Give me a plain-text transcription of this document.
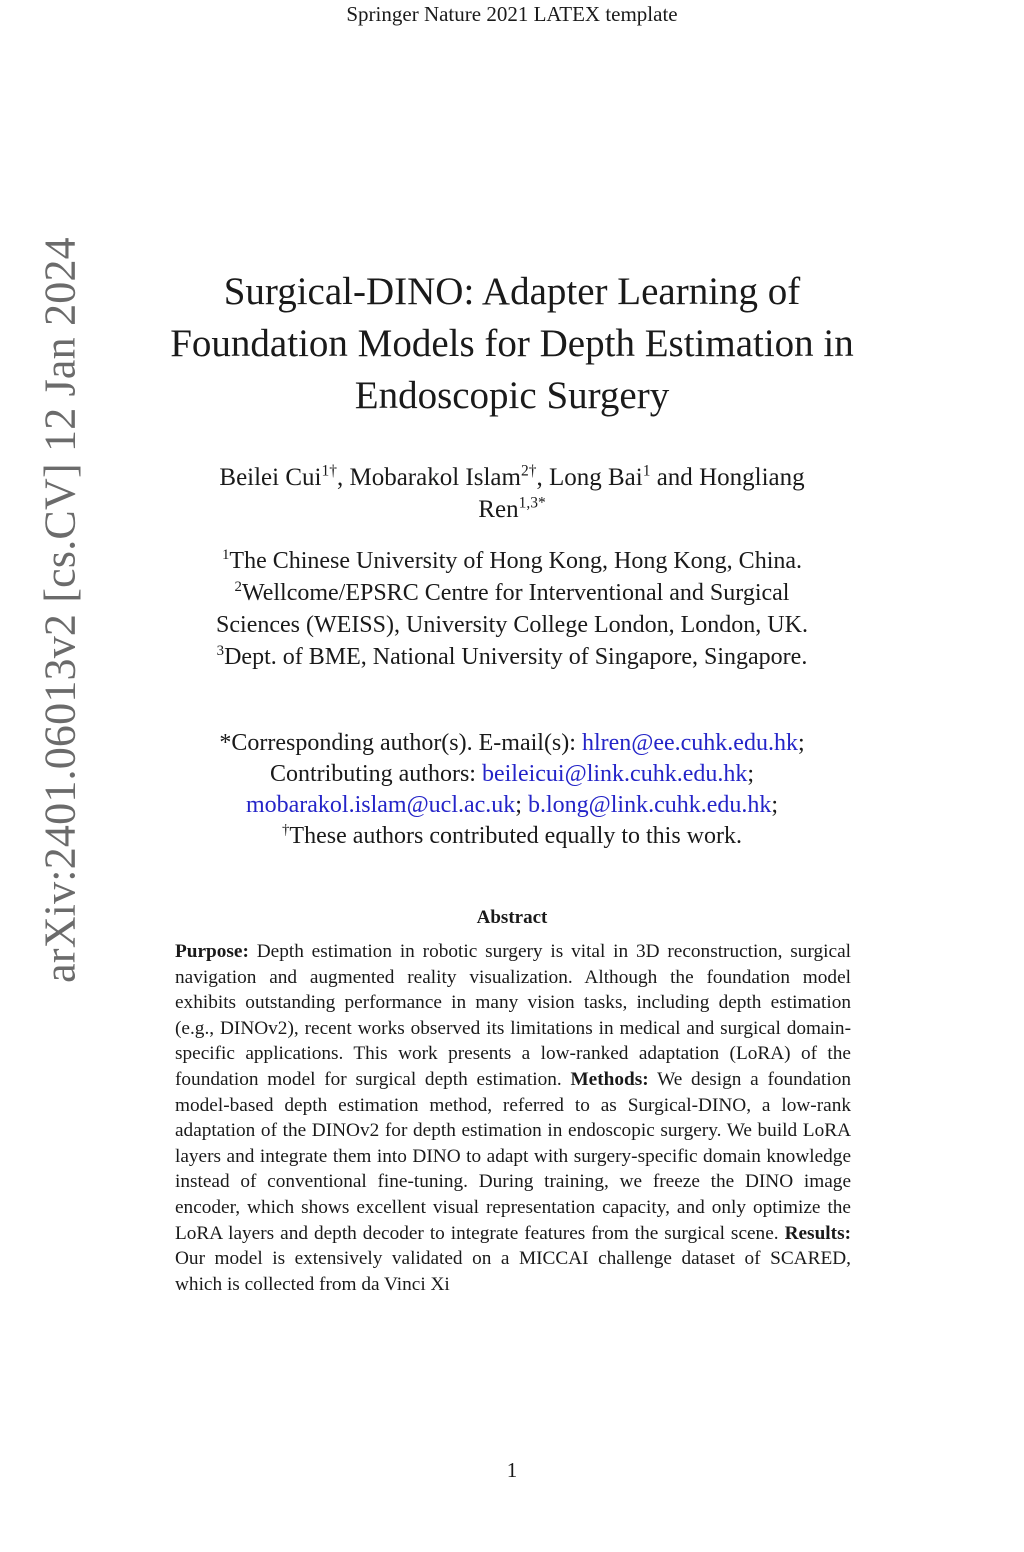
Springer Nature 2021 LATEX template
arXiv:2401.06013v2 [cs.CV] 12 Jan 2024	Surgical-DINO: Adapter Learning of
Foundation Models for Depth Estimation in
Endoscopic Surgery
Beilei Cui$^{1\dagger}$, Mobarakol Islam$^{2\dagger}$, Long Bai$^1$ and Hongliang
Ren$^{1,3*}$
$^1$The Chinese University of Hong Kong, Hong Kong, China.
$^2$Wellcome/EPSRC Centre for Interventional and Surgical
Sciences (WEISS), University College London, London, UK.
$^3$Dept. of BME, National University of Singapore, Singapore.
*Corresponding author(s). E-mail(s): hlren@ee.cuhk.edu.hk;
Contributing authors: beileicui@link.cuhk.edu.hk;
mobarakol.islam@ucl.ac.uk; b.long@link.cuhk.edu.hk;
†These authors contributed equally to this work.
Abstract
Purpose: Depth estimation in robotic surgery is vital in 3D reconstruction, surgical navigation and augmented reality visualization. Although the foundation model exhibits outstanding performance in many vision tasks, including depth estimation (e.g., DINOv2), recent works observed its limitations in medical and surgical domain-specific applications. This work presents a low-ranked adaptation (LoRA) of the foundation model for surgical depth estimation. Methods: We design a foundation model-based depth estimation method, referred to as Surgical-DINO, a low-rank adaptation of the DINOv2 for depth estimation in endoscopic surgery. We build LoRA layers and integrate them into DINO to adapt with surgery-specific domain knowledge instead of conventional fine-tuning. During training, we freeze the DINO image encoder, which shows excellent visual representation capacity, and only optimize the LoRA layers and depth decoder to integrate features from the surgical scene. Results: Our model is extensively validated on a MICCAI challenge dataset of SCARED, which is collected from da Vinci Xi
1
